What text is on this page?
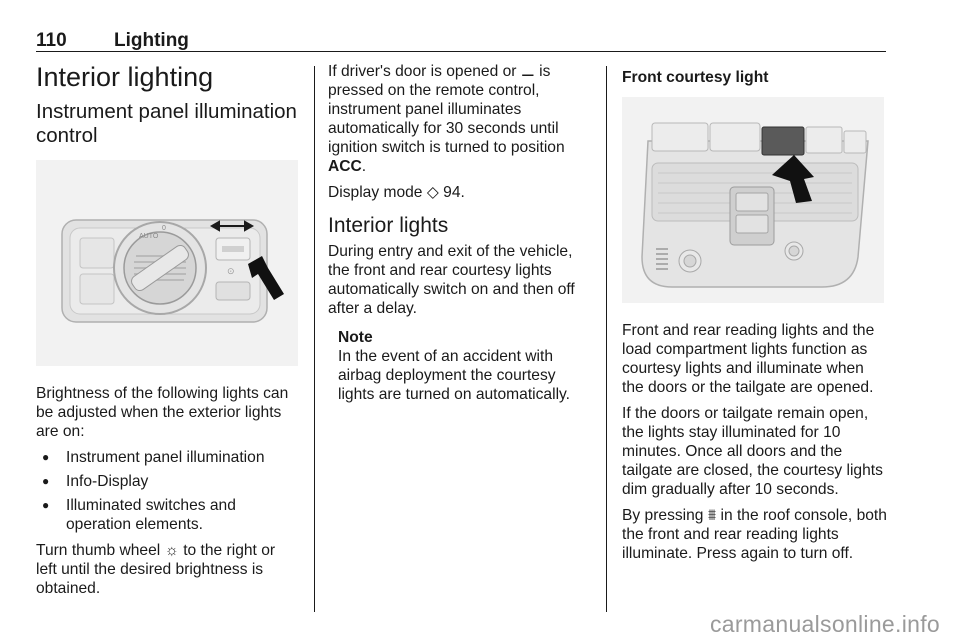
110 Lighting
Interior lighting
Instrument panel illumination control
AUTO
0
⊙

Brightness of the following lights can be adjusted when the exterior lights are on:

● Instrument panel illumination
● Info-Display
● Illuminated switches and operation elements.

Turn thumb wheel ☼ to the right or left until the desired brightness is obtained.

If driver's door is opened or ⚊ is pressed on the remote control, instrument panel illuminates automatically for 30 seconds until ignition switch is turned to position ACC.

Display mode ◇ 94.

Interior lights

During entry and exit of the vehicle, the front and rear courtesy lights automatically switch on and then off after a delay.

Note
In the event of an accident with airbag deployment the courtesy lights are turned on automatically.
Front courtesy light

Front and rear reading lights and the load compartment lights function as courtesy lights and illuminate when the doors or the tailgate are opened.

If the doors or tailgate remain open, the lights stay illuminated for 10 minutes. Once all doors and the tailgate are closed, the courtesy lights dim gradually after 10 seconds.

By pressing ⩩ in the roof console, both the front and rear reading lights illuminate. Press again to turn off.

carmanualsonline.info
